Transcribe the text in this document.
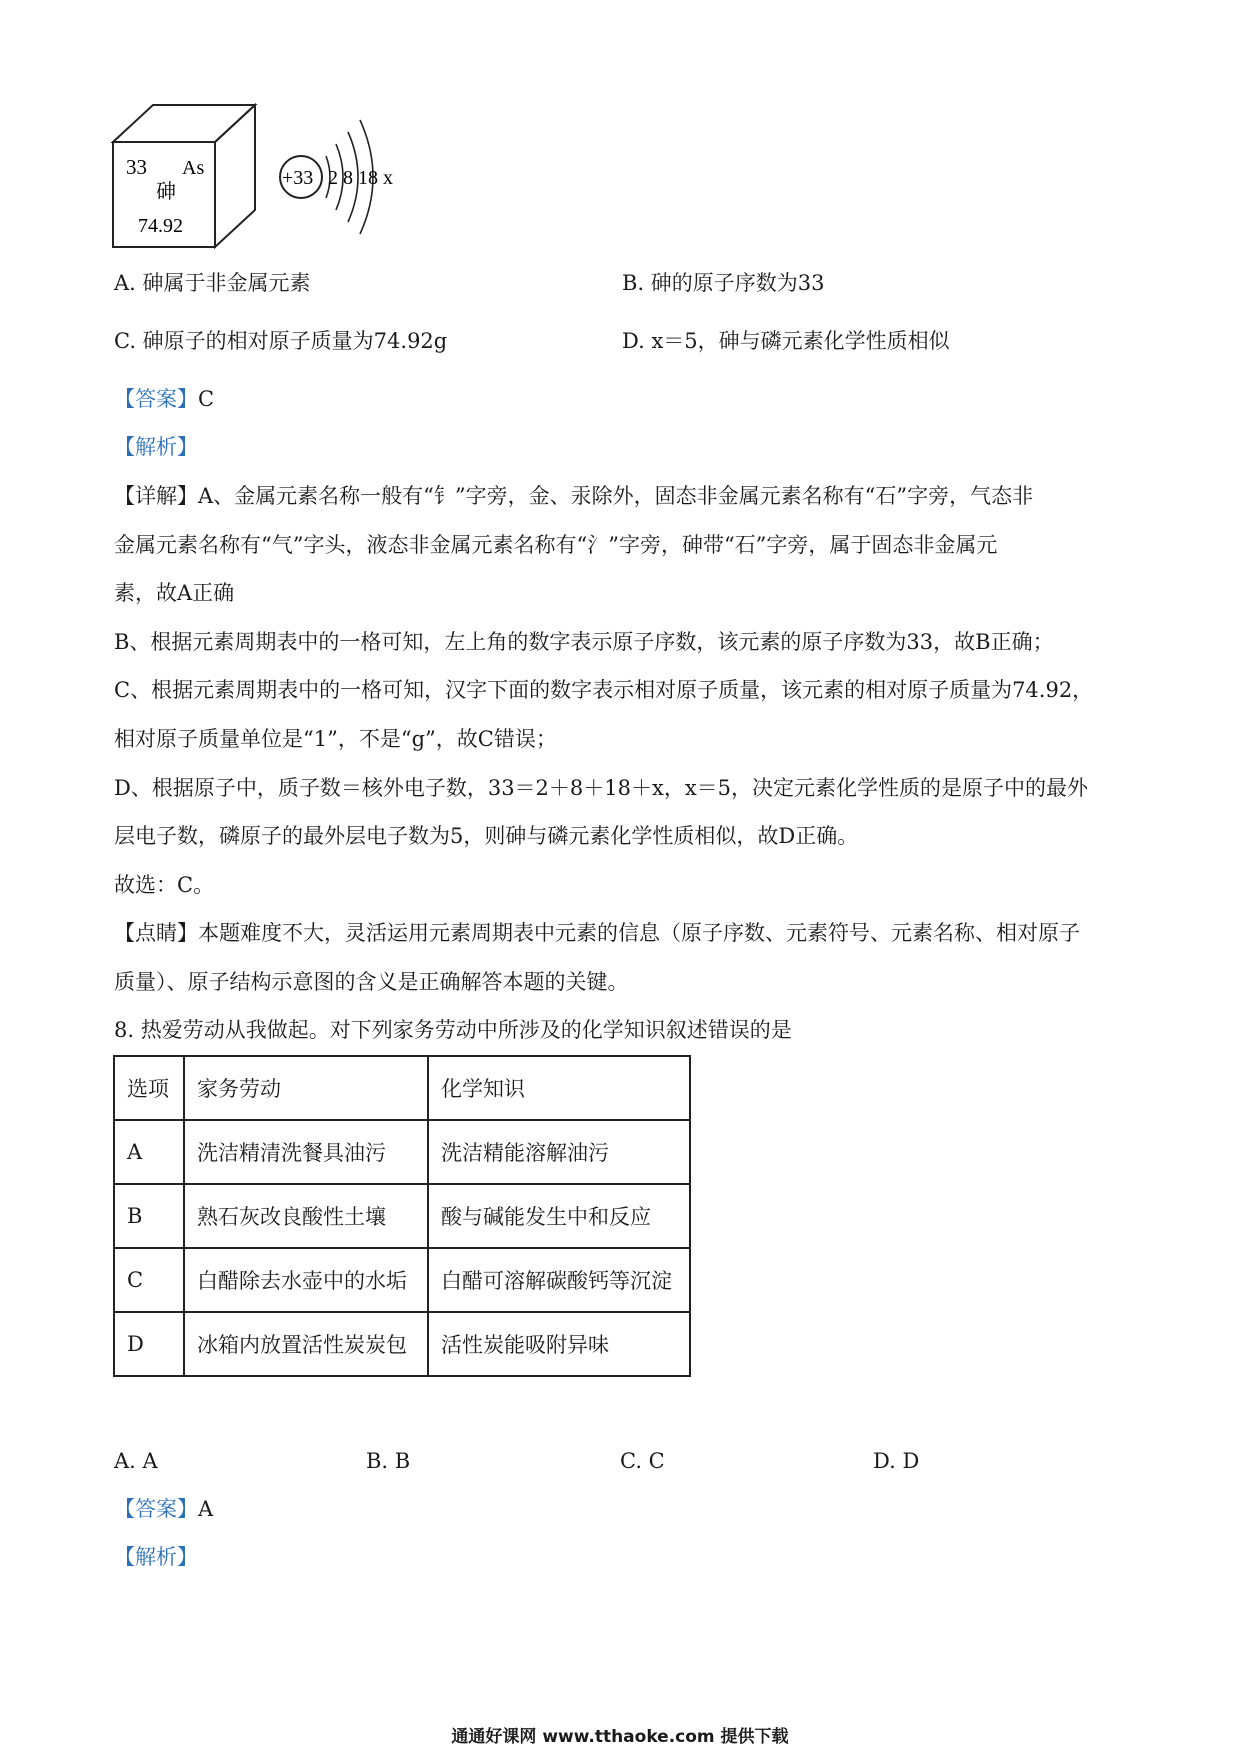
33 As
砷
74.92
+33 2 8 18 x
A. 砷属于非金属元素	B. 砷的原子序数为33
C. 砷原子的相对原子质量为74.92g	D. x＝5，砷与磷元素化学性质相似
【答案】C
【解析】
【详解】A、金属元素名称一般有“钅”字旁，金、汞除外，固态非金属元素名称有“石”字旁，气态非
金属元素名称有“气”字头，液态非金属元素名称有“氵”字旁，砷带“石”字旁，属于固态非金属元
素，故A正确
B、根据元素周期表中的一格可知，左上角的数字表示原子序数，该元素的原子序数为33，故B正确；
C、根据元素周期表中的一格可知，汉字下面的数字表示相对原子质量，该元素的相对原子质量为74.92，
相对原子质量单位是“1”，不是“g”，故C错误；
D、根据原子中，质子数＝核外电子数，33＝2＋8＋18＋x，x＝5，决定元素化学性质的是原子中的最外
层电子数，磷原子的最外层电子数为5，则砷与磷元素化学性质相似，故D正确。
故选：C。
【点睛】本题难度不大，灵活运用元素周期表中元素的信息（原子序数、元素符号、元素名称、相对原子
质量）、原子结构示意图的含义是正确解答本题的关键。
8. 热爱劳动从我做起。对下列家务劳动中所涉及的化学知识叙述错误的是
选项	家务劳动	化学知识
A	洗洁精清洗餐具油污	洗洁精能溶解油污
B	熟石灰改良酸性土壤	酸与碱能发生中和反应
C	白醋除去水壶中的水垢	白醋可溶解碳酸钙等沉淀
D	冰箱内放置活性炭炭包	活性炭能吸附异味
A. A	B. B	C. C	D. D
【答案】A
【解析】
通通好课网 www.tthaoke.com 提供下载
